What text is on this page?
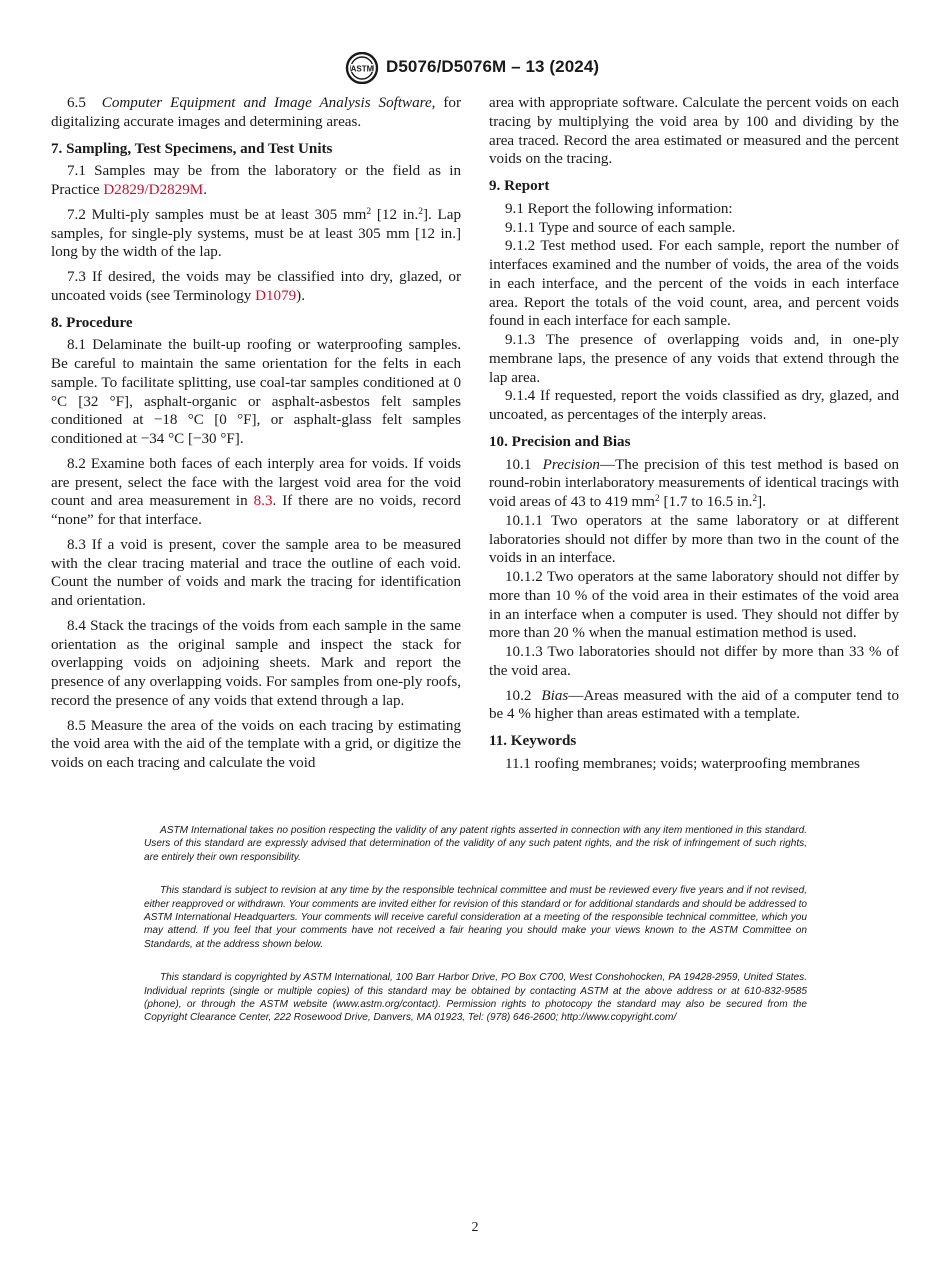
ASTM D5076/D5076M – 13 (2024)

6.5 Computer Equipment and Image Analysis Software, for digitalizing accurate images and determining areas.

7. Sampling, Test Specimens, and Test Units

7.1 Samples may be from the laboratory or the field as in Practice D2829/D2829M.

7.2 Multi-ply samples must be at least 305 $mm^2$ [12 in.$^2$]. Lap samples, for single-ply systems, must be at least 305 mm [12 in.] long by the width of the lap.

7.3 If desired, the voids may be classified into dry, glazed, or uncoated voids (see Terminology D1079).

8. Procedure

8.1 Delaminate the built-up roofing or waterproofing samples. Be careful to maintain the same orientation for the felts in each sample. To facilitate splitting, use coal-tar samples conditioned at 0 °C [32 °F], asphalt-organic or asphalt-asbestos felt samples conditioned at −18 °C [0 °F], or asphalt-glass felt samples conditioned at −34 °C [−30 °F].

8.2 Examine both faces of each interply area for voids. If voids are present, select the face with the largest void area for the void count and area measurement in 8.3. If there are no voids, record “none” for that interface.

8.3 If a void is present, cover the sample area to be measured with the clear tracing material and trace the outline of each void. Count the number of voids and mark the tracing for identification and orientation.

8.4 Stack the tracings of the voids from each sample in the same orientation as the original sample and inspect the stack for overlapping voids on adjoining sheets. Mark and report the presence of any overlapping voids. For samples from one-ply roofs, record the presence of any voids that extend through a lap.

8.5 Measure the area of the voids on each tracing by estimating the void area with the aid of the template with a grid, or digitize the voids on each tracing and calculate the void

area with appropriate software. Calculate the percent voids on each tracing by multiplying the void area by 100 and dividing by the area traced. Record the area estimated or measured and the percent voids on the tracing.

9. Report

9.1 Report the following information:

9.1.1 Type and source of each sample.

9.1.2 Test method used. For each sample, report the number of interfaces examined and the number of voids, the area of the voids in each interface, and the percent of the voids in each interface area. Report the totals of the void count, area, and percent voids found in each interface for each sample.

9.1.3 The presence of overlapping voids and, in one-ply membrane laps, the presence of any voids that extend through the lap area.

9.1.4 If requested, report the voids classified as dry, glazed, and uncoated, as percentages of the interply areas.

10. Precision and Bias

10.1 Precision—The precision of this test method is based on round-robin interlaboratory measurements of identical tracings with void areas of 43 to 419 $mm^2$ [1.7 to 16.5 in.$^2$].

10.1.1 Two operators at the same laboratory or at different laboratories should not differ by more than two in the count of the voids in an interface.

10.1.2 Two operators at the same laboratory should not differ by more than 10 % of the void area in their estimates of the void area in an interface when a computer is used. They should not differ by more than 20 % when the manual estimation method is used.

10.1.3 Two laboratories should not differ by more than 33 % of the void area.

10.2 Bias—Areas measured with the aid of a computer tend to be 4 % higher than areas estimated with a template.

11. Keywords

11.1 roofing membranes; voids; waterproofing membranes

ASTM International takes no position respecting the validity of any patent rights asserted in connection with any item mentioned in this standard. Users of this standard are expressly advised that determination of the validity of any such patent rights, and the risk of infringement of such rights, are entirely their own responsibility.

This standard is subject to revision at any time by the responsible technical committee and must be reviewed every five years and if not revised, either reapproved or withdrawn. Your comments are invited either for revision of this standard or for additional standards and should be addressed to ASTM International Headquarters. Your comments will receive careful consideration at a meeting of the responsible technical committee, which you may attend. If you feel that your comments have not received a fair hearing you should make your views known to the ASTM Committee on Standards, at the address shown below.

This standard is copyrighted by ASTM International, 100 Barr Harbor Drive, PO Box C700, West Conshohocken, PA 19428-2959, United States. Individual reprints (single or multiple copies) of this standard may be obtained by contacting ASTM at the above address or at 610-832-9585 (phone), or through the ASTM website (www.astm.org/contact). Permission rights to photocopy the standard may also be secured from the Copyright Clearance Center, 222 Rosewood Drive, Danvers, MA 01923, Tel: (978) 646-2600; http://www.copyright.com/

2
